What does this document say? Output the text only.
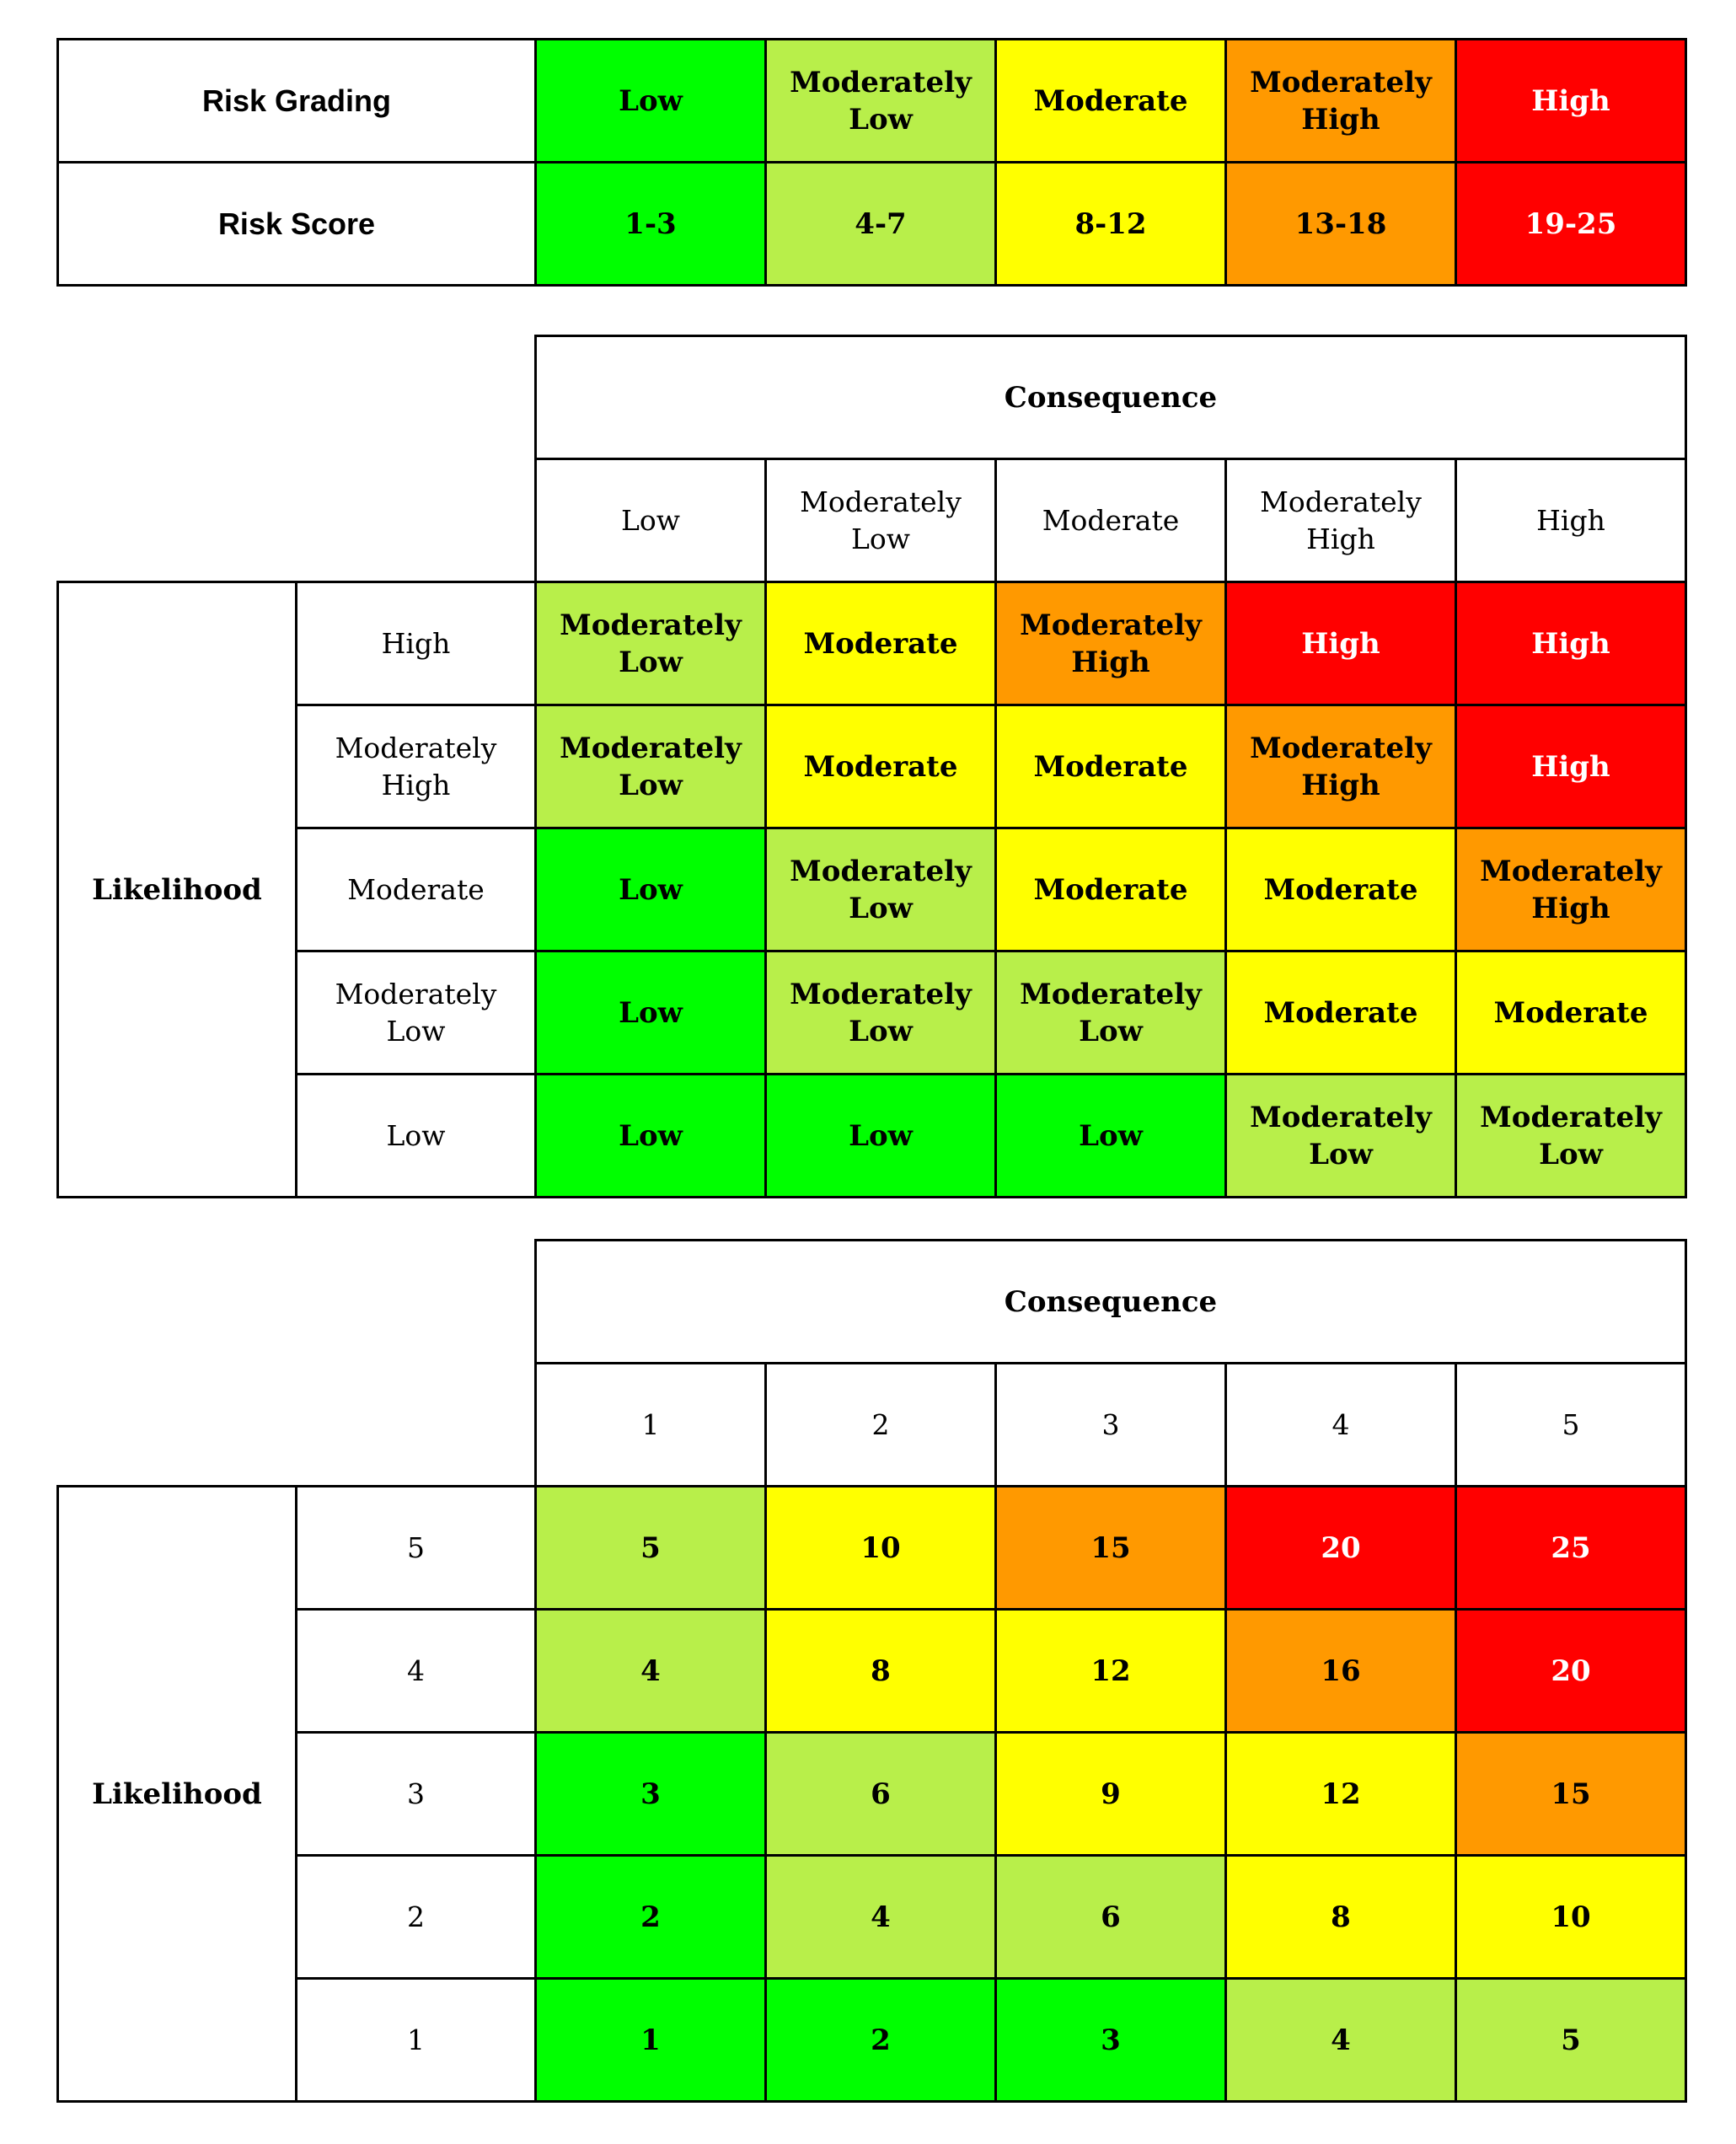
Risk Grading	Low	Moderately Low	Moderate	Moderately High	High
Risk Score	1-3	4-7	8-12	13-18	19-25
		Consequence				
		Low	Moderately Low	Moderate	Moderately High	High
Likelihood	High	Moderately Low	Moderate	Moderately High	High	High
	Moderately High	Moderately Low	Moderate	Moderate	Moderately High	High
	Moderate	Low	Moderately Low	Moderate	Moderate	Moderately High
	Moderately Low	Low	Moderately Low	Moderately Low	Moderate	Moderate
	Low	Low	Low	Low	Moderately Low	Moderately Low
		Consequence				
		1	2	3	4	5
Likelihood	5	5	10	15	20	25
	4	4	8	12	16	20
	3	3	6	9	12	15
	2	2	4	6	8	10
	1	1	2	3	4	5
